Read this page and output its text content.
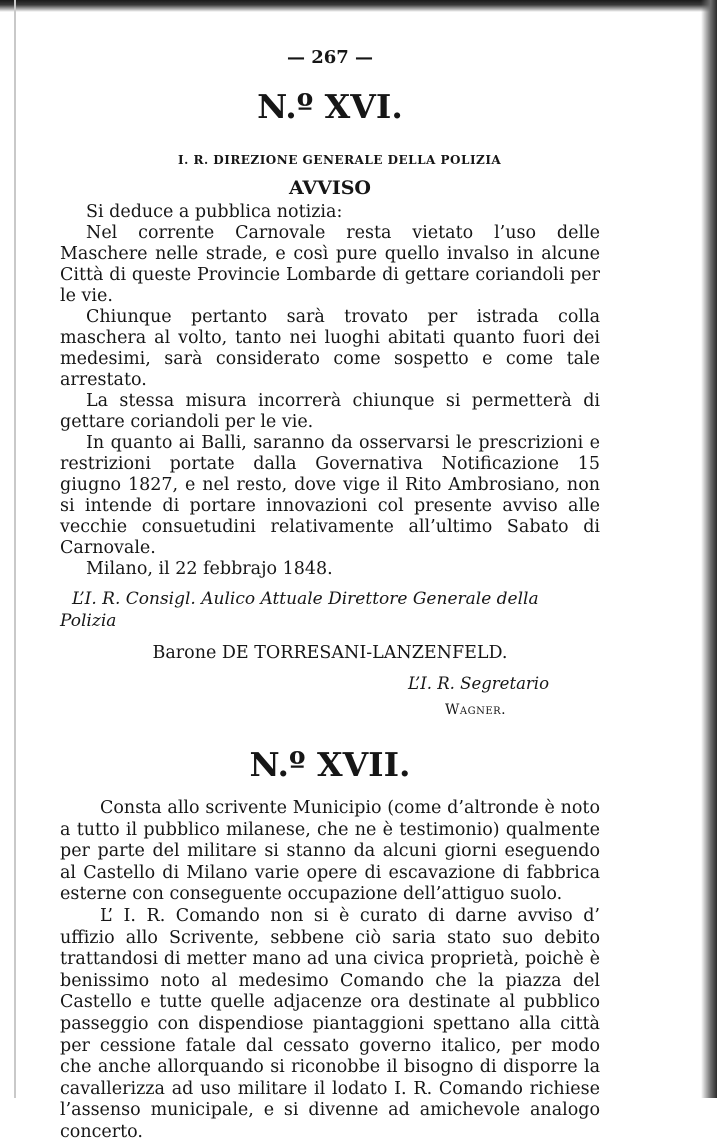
— 267 —

N.º XVI.

I. R. DIREZIONE GENERALE DELLA POLIZIA

AVVISO

Si deduce a pubblica notizia:

Nel corrente Carnovale resta vietato l’uso delle Maschere nelle strade, e così pure quello invalso in alcune Città di queste Provincie Lombarde di gettare coriandoli per le vie.

Chiunque pertanto sarà trovato per istrada colla maschera al volto, tanto nei luoghi abitati quanto fuori dei medesimi, sarà considerato come sospetto e come tale arrestato.

La stessa misura incorrerà chiunque si permetterà di gettare coriandoli per le vie.

In quanto ai Balli, saranno da osservarsi le prescrizioni e restrizioni portate dalla Governativa Notificazione 15 giugno 1827, e nel resto, dove vige il Rito Ambrosiano, non si intende di portare innovazioni col presente avviso alle vecchie consuetudini relativamente all’ultimo Sabato di Carnovale.

Milano, il 22 febbrajo 1848.

L’I. R. Consigl. Aulico Attuale Direttore Generale della Polizia

Barone DE TORRESANI-LANZENFELD.

L’I. R. Segretario

Wagner.

N.º XVII.

Consta allo scrivente Municipio (come d’altronde è noto a tutto il pubblico milanese, che ne è testimonio) qualmente per parte del militare si stanno da alcuni giorni eseguendo al Castello di Milano varie opere di escavazione di fabbrica esterne con conseguente occupazione dell’attiguo suolo.

L’ I. R. Comando non si è curato di darne avviso d’ uffizio allo Scrivente, sebbene ciò saria stato suo debito trattandosi di metter mano ad una civica proprietà, poichè è benissimo noto al medesimo Comando che la piazza del Castello e tutte quelle adjacenze ora destinate al pubblico passeggio con dispendiose piantaggioni spettano alla città per cessione fatale dal cessato governo italico, per modo che anche allorquando si riconobbe il bisogno di disporre la cavallerizza ad uso militare il lodato I. R. Comando richiese l’assenso municipale, e si divenne ad amichevole analogo concerto.
